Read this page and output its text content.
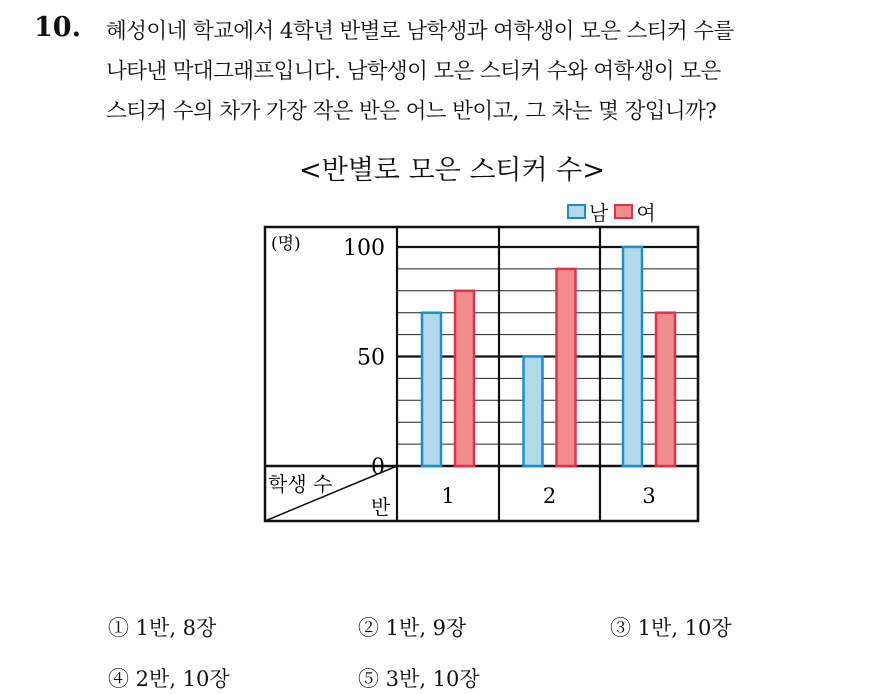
10. 혜성이네 학교에서 4학년 반별로 남학생과 여학생이 모은 스티커 수를
나타낸 막대그래프입니다. 남학생이 모은 스티커 수와 여학생이 모은
스티커 수의 차가 가장 작은 반은 어느 반이고, 그 차는 몇 장입니까?
<반별로 모은 스티커 수>
남 여
0
50
100
(명)
학생 수
반 1	2	3
① 1반, 8장	② 1반, 9장	③ 1반, 10장
④ 2반, 10장	⑤ 3반, 10장
